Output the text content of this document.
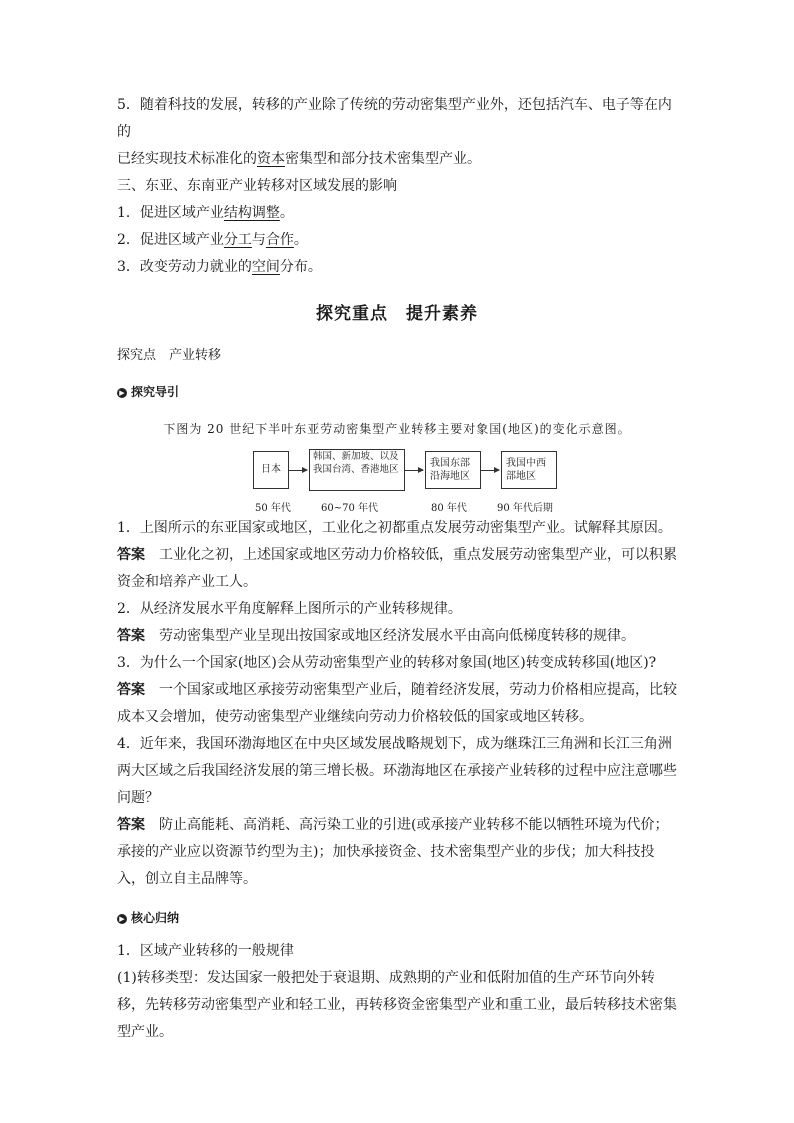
5．随着科技的发展，转移的产业除了传统的劳动密集型产业外，还包括汽车、电子等在内的
已经实现技术标准化的资本密集型和部分技术密集型产业。

三、东亚、东南亚产业转移对区域发展的影响

1．促进区域产业结构调整。

2．促进区域产业分工与合作。

3．改变劳动力就业的空间分布。

探究重点　提升素养

探究点　产业转移

▶ 探究导引
下图为 20 世纪下半叶东亚劳动密集型产业转移主要对象国(地区)的变化示意图。
日本
韩国、新加坡、以及我国台湾、香港地区	我国东部沿海地区
我国中西部地区
50 年代	60~70 年代	80 年代	90 年代后期

1．上图所示的东亚国家或地区，工业化之初都重点发展劳动密集型产业。试解释其原因。

答案 工业化之初，上述国家或地区劳动力价格较低，重点发展劳动密集型产业，可以积累资金和培养产业工人。

2．从经济发展水平角度解释上图所示的产业转移规律。

答案 劳动密集型产业呈现出按国家或地区经济发展水平由高向低梯度转移的规律。

3．为什么一个国家(地区)会从劳动密集型产业的转移对象国(地区)转变成转移国(地区)?

答案 一个国家或地区承接劳动密集型产业后，随着经济发展，劳动力价格相应提高，比较成本又会增加，使劳动密集型产业继续向劳动力价格较低的国家或地区转移。

4．近年来，我国环渤海地区在中央区域发展战略规划下，成为继珠江三角洲和长江三角洲两大区域之后我国经济发展的第三增长极。环渤海地区在承接产业转移的过程中应注意哪些问题？

答案 防止高能耗、高消耗、高污染工业的引进(或承接产业转移不能以牺牲环境为代价；承接的产业应以资源节约型为主)；加快承接资金、技术密集型产业的步伐；加大科技投入，创立自主品牌等。

▶ 核心归纳

1．区域产业转移的一般规律

(1)转移类型：发达国家一般把处于衰退期、成熟期的产业和低附加值的生产环节向外转移，先转移劳动密集型产业和轻工业，再转移资金密集型产业和重工业，最后转移技术密集型产业。
